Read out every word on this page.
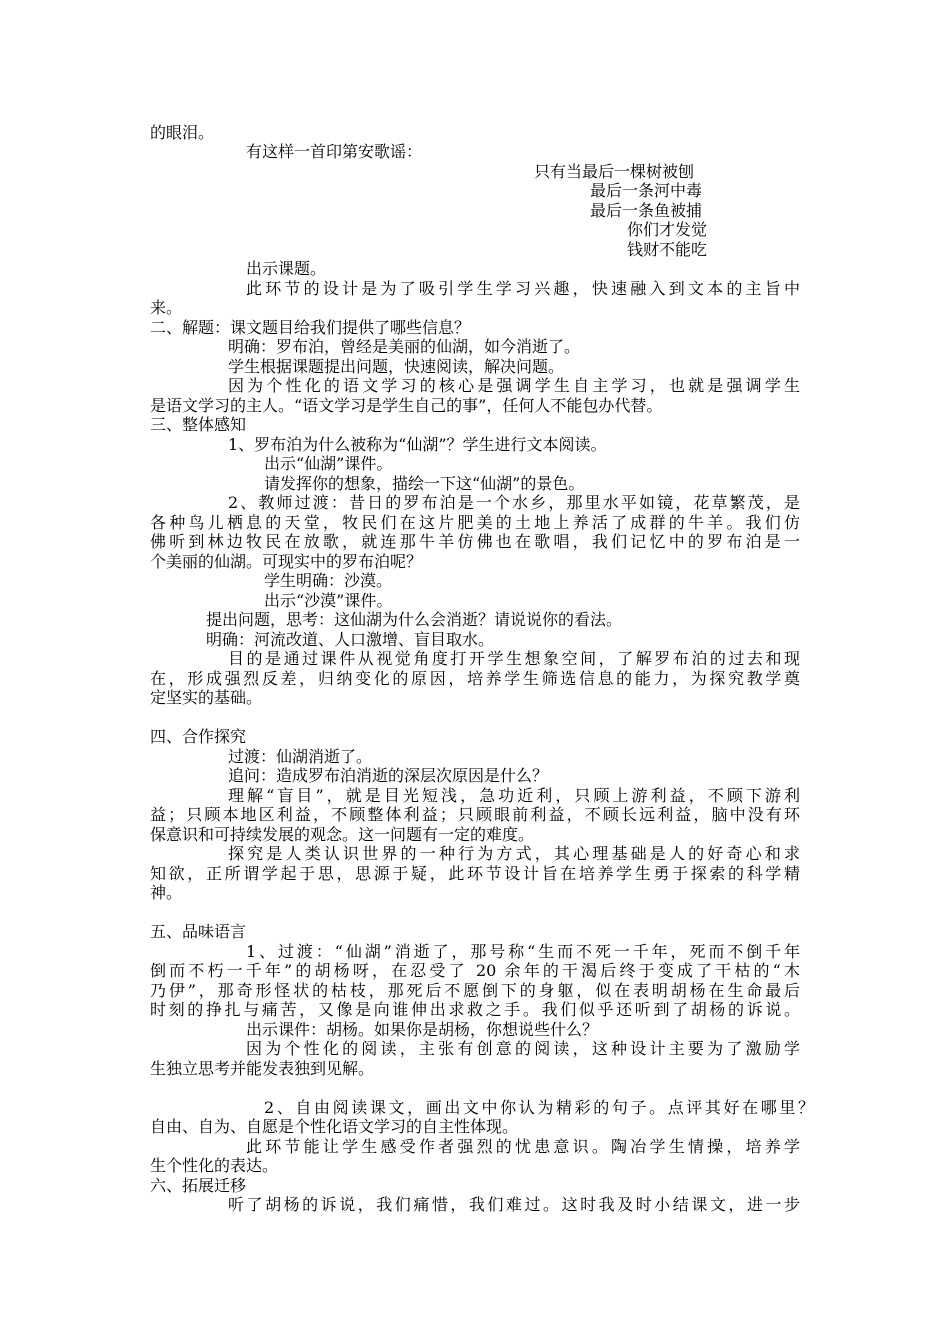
的眼泪。
有这样一首印第安歌谣：
只有当最后一棵树被刨
最后一条河中毒
最后一条鱼被捕
你们才发觉
钱财不能吃
出示课题。
此环节的设计是为了吸引学生学习兴趣，快速融入到文本的主旨中
来。
二、解题：课文题目给我们提供了哪些信息？
明确：罗布泊，曾经是美丽的仙湖，如今消逝了。
学生根据课题提出问题，快速阅读，解决问题。
因为个性化的语文学习的核心是强调学生自主学习，也就是强调学生
是语文学习的主人。“语文学习是学生自己的事”，任何人不能包办代替。
三、整体感知
1、罗布泊为什么被称为“仙湖”？学生进行文本阅读。
出示“仙湖”课件。
请发挥你的想象，描绘一下这“仙湖”的景色。
2、教师过渡：昔日的罗布泊是一个水乡，那里水平如镜，花草繁茂，是
各种鸟儿栖息的天堂，牧民们在这片肥美的土地上养活了成群的牛羊。我们仿
佛听到林边牧民在放歌，就连那牛羊仿佛也在歌唱，我们记忆中的罗布泊是一
个美丽的仙湖。可现实中的罗布泊呢？
学生明确：沙漠。
出示“沙漠”课件。
提出问题，思考：这仙湖为什么会消逝？请说说你的看法。
明确：河流改道、人口激增、盲目取水。
目的是通过课件从视觉角度打开学生想象空间，了解罗布泊的过去和现
在，形成强烈反差，归纳变化的原因，培养学生筛选信息的能力，为探究教学奠
定坚实的基础。
四、合作探究
过渡：仙湖消逝了。
追问：造成罗布泊消逝的深层次原因是什么？
理解“盲目”，就是目光短浅，急功近利，只顾上游利益，不顾下游利
益；只顾本地区利益，不顾整体利益；只顾眼前利益，不顾长远利益，脑中没有环
保意识和可持续发展的观念。这一问题有一定的难度。
探究是人类认识世界的一种行为方式，其心理基础是人的好奇心和求
知欲，正所谓学起于思，思源于疑，此环节设计旨在培养学生勇于探索的科学精
神。
五、品味语言
1、过渡：“仙湖”消逝了，那号称“生而不死一千年，死而不倒千年
倒而不朽一千年”的胡杨呀，在忍受了 20 余年的干渴后终于变成了干枯的“木
乃伊”，那奇形怪状的枯枝，那死后不愿倒下的身躯，似在表明胡杨在生命最后
时刻的挣扎与痛苦，又像是向谁伸出求救之手。我们似乎还听到了胡杨的诉说。
出示课件：胡杨。如果你是胡杨，你想说些什么？
因为个性化的阅读，主张有创意的阅读，这种设计主要为了激励学
生独立思考并能发表独到见解。
2、自由阅读课文，画出文中你认为精彩的句子。点评其好在哪里？
自由、自为、自愿是个性化语文学习的自主性体现。
此环节能让学生感受作者强烈的忧患意识。陶冶学生情操，培养学
生个性化的表达。
六、拓展迁移
听了胡杨的诉说，我们痛惜，我们难过。这时我及时小结课文，进一步
